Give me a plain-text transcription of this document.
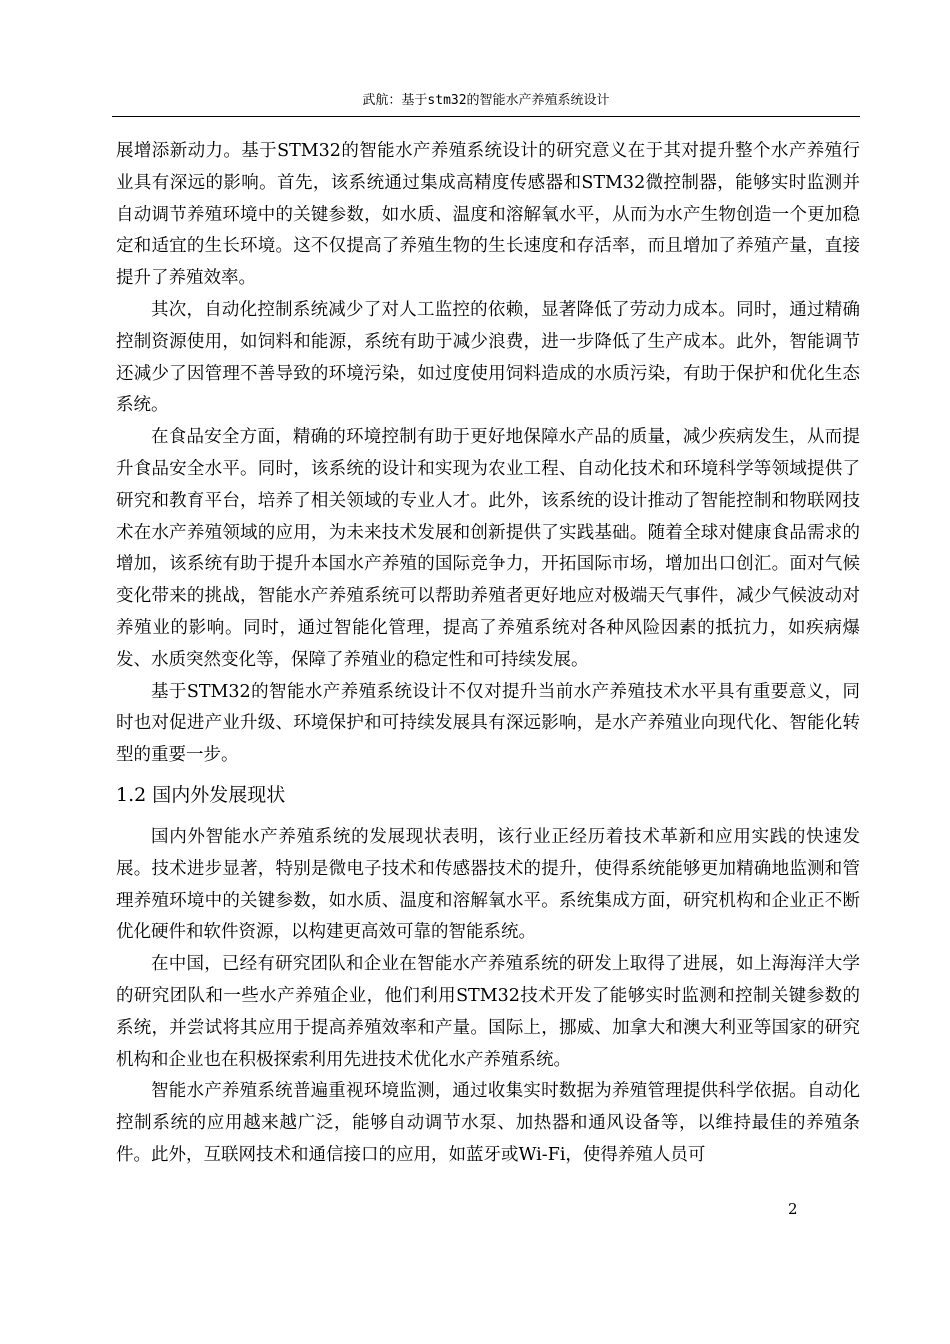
武航：基于stm32的智能水产养殖系统设计

展增添新动力。基于STM32的智能水产养殖系统设计的研究意义在于其对提升整个水产养殖行业具有深远的影响。首先，该系统通过集成高精度传感器和STM32微控制器，能够实时监测并自动调节养殖环境中的关键参数，如水质、温度和溶解氧水平，从而为水产生物创造一个更加稳定和适宜的生长环境。这不仅提高了养殖生物的生长速度和存活率，而且增加了养殖产量，直接提升了养殖效率。

其次，自动化控制系统减少了对人工监控的依赖，显著降低了劳动力成本。同时，通过精确控制资源使用，如饲料和能源，系统有助于减少浪费，进一步降低了生产成本。此外，智能调节还减少了因管理不善导致的环境污染，如过度使用饲料造成的水质污染，有助于保护和优化生态系统。

在食品安全方面，精确的环境控制有助于更好地保障水产品的质量，减少疾病发生，从而提升食品安全水平。同时，该系统的设计和实现为农业工程、自动化技术和环境科学等领域提供了研究和教育平台，培养了相关领域的专业人才。此外，该系统的设计推动了智能控制和物联网技术在水产养殖领域的应用，为未来技术发展和创新提供了实践基础。随着全球对健康食品需求的增加，该系统有助于提升本国水产养殖的国际竞争力，开拓国际市场，增加出口创汇。面对气候变化带来的挑战，智能水产养殖系统可以帮助养殖者更好地应对极端天气事件，减少气候波动对养殖业的影响。同时，通过智能化管理，提高了养殖系统对各种风险因素的抵抗力，如疾病爆发、水质突然变化等，保障了养殖业的稳定性和可持续发展。

基于STM32的智能水产养殖系统设计不仅对提升当前水产养殖技术水平具有重要意义，同时也对促进产业升级、环境保护和可持续发展具有深远影响，是水产养殖业向现代化、智能化转型的重要一步。

1.2 国内外发展现状

国内外智能水产养殖系统的发展现状表明，该行业正经历着技术革新和应用实践的快速发展。技术进步显著，特别是微电子技术和传感器技术的提升，使得系统能够更加精确地监测和管理养殖环境中的关键参数，如水质、温度和溶解氧水平。系统集成方面，研究机构和企业正不断优化硬件和软件资源，以构建更高效可靠的智能系统。

在中国，已经有研究团队和企业在智能水产养殖系统的研发上取得了进展，如上海海洋大学的研究团队和一些水产养殖企业，他们利用STM32技术开发了能够实时监测和控制关键参数的系统，并尝试将其应用于提高养殖效率和产量。国际上，挪威、加拿大和澳大利亚等国家的研究机构和企业也在积极探索利用先进技术优化水产养殖系统。

智能水产养殖系统普遍重视环境监测，通过收集实时数据为养殖管理提供科学依据。自动化控制系统的应用越来越广泛，能够自动调节水泵、加热器和通风设备等，以维持最佳的养殖条件。此外，互联网技术和通信接口的应用，如蓝牙或Wi-Fi，使得养殖人员可

2
